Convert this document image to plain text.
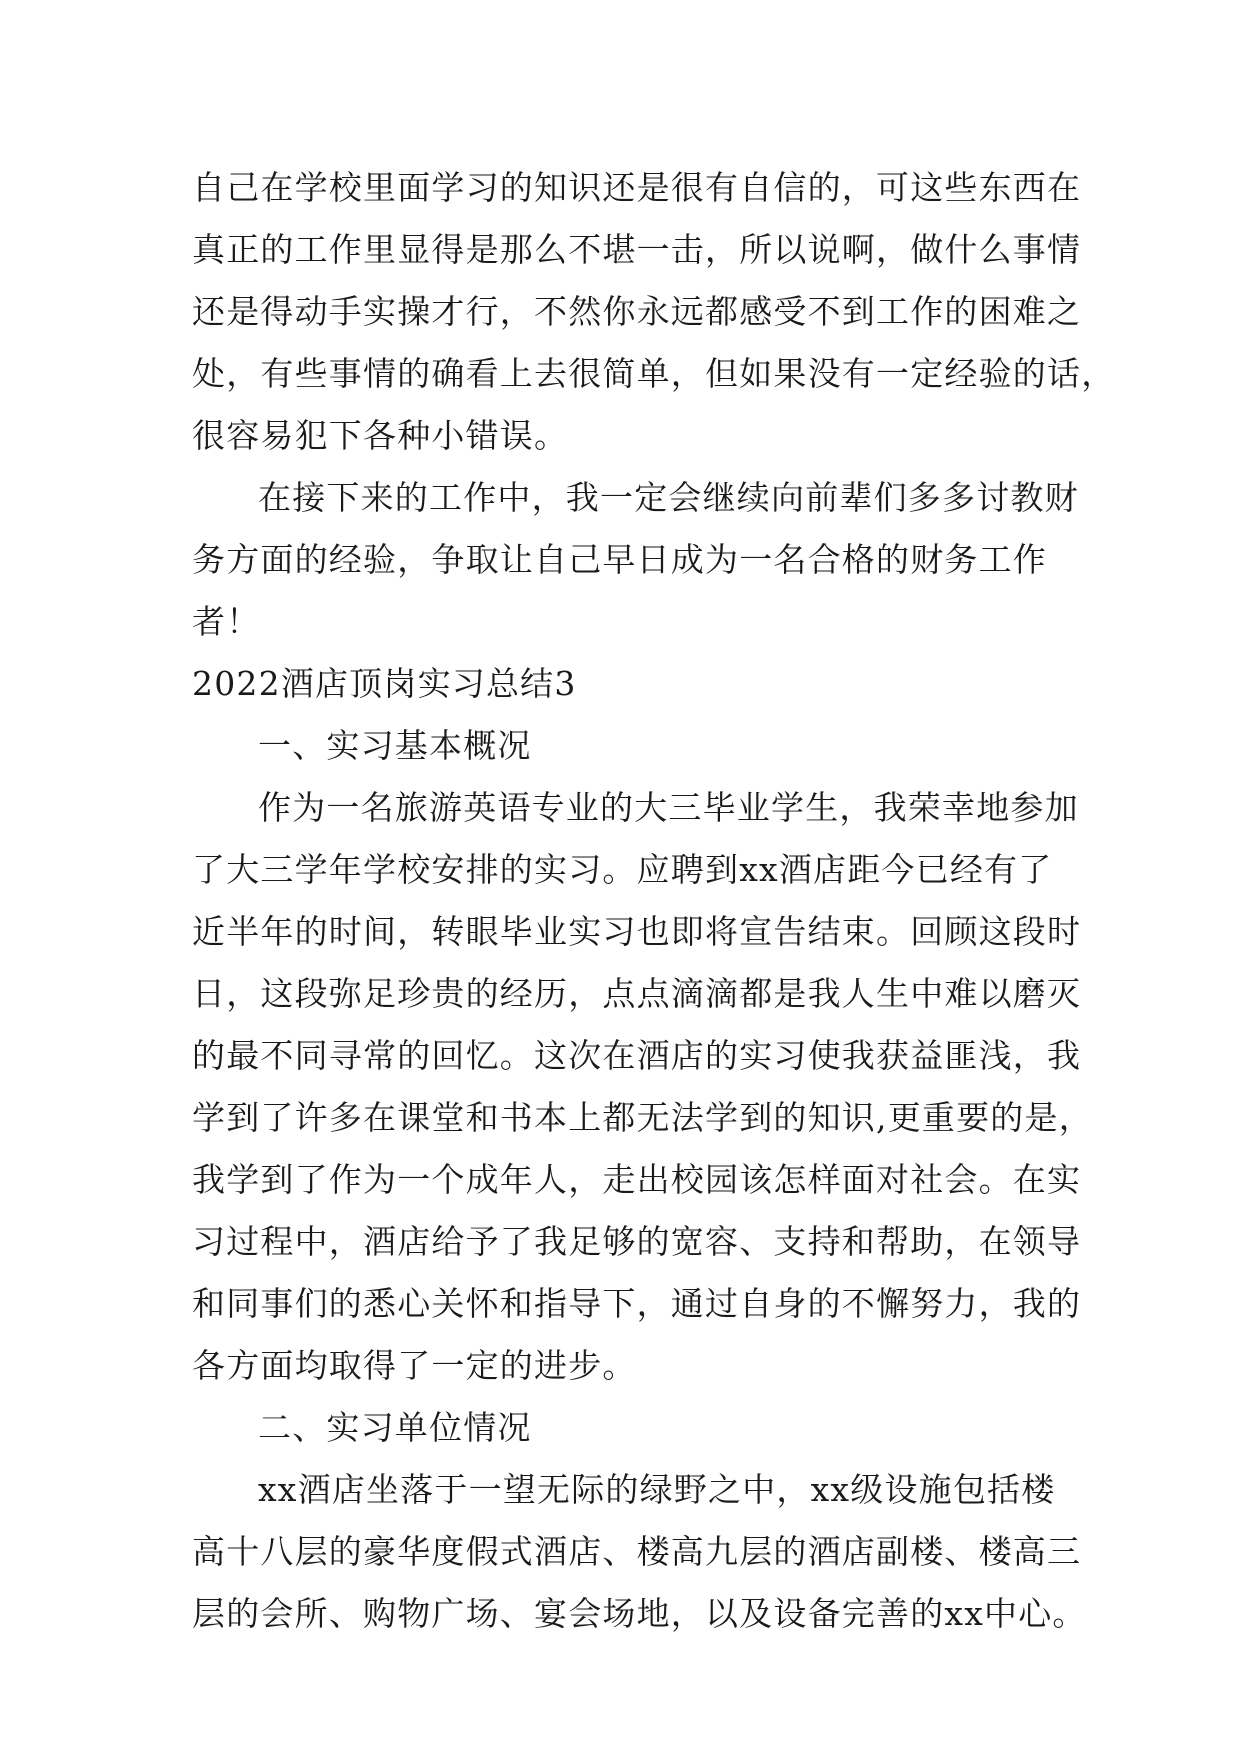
自己在学校里面学习的知识还是很有自信的，可这些东西在
真正的工作里显得是那么不堪一击，所以说啊，做什么事情
还是得动手实操才行，不然你永远都感受不到工作的困难之
处，有些事情的确看上去很简单，但如果没有一定经验的话，
很容易犯下各种小错误。
在接下来的工作中，我一定会继续向前辈们多多讨教财
务方面的经验，争取让自己早日成为一名合格的财务工作
者！
2022酒店顶岗实习总结3
一、实习基本概况
作为一名旅游英语专业的大三毕业学生，我荣幸地参加
了大三学年学校安排的实习。应聘到xx酒店距今已经有了
近半年的时间，转眼毕业实习也即将宣告结束。回顾这段时
日，这段弥足珍贵的经历，点点滴滴都是我人生中难以磨灭
的最不同寻常的回忆。这次在酒店的实习使我获益匪浅，我
学到了许多在课堂和书本上都无法学到的知识,更重要的是，
我学到了作为一个成年人，走出校园该怎样面对社会。在实
习过程中，酒店给予了我足够的宽容、支持和帮助，在领导
和同事们的悉心关怀和指导下，通过自身的不懈努力，我的
各方面均取得了一定的进步。
二、实习单位情况
xx酒店坐落于一望无际的绿野之中，xx级设施包括楼
高十八层的豪华度假式酒店、楼高九层的酒店副楼、楼高三
层的会所、购物广场、宴会场地，以及设备完善的xx中心。
